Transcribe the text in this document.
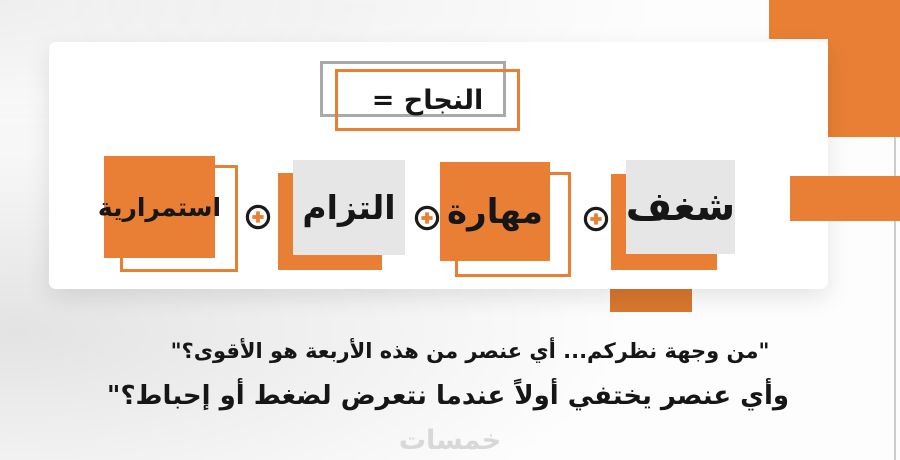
النجاح =
شغف
مهارة
التزام
استمرارية
خمسات
"من وجهة نظركم... أي عنصر من هذه الأربعة هو الأقوى؟"
وأي عنصر يختفي أولاً عندما نتعرض لضغط أو إحباط؟"
